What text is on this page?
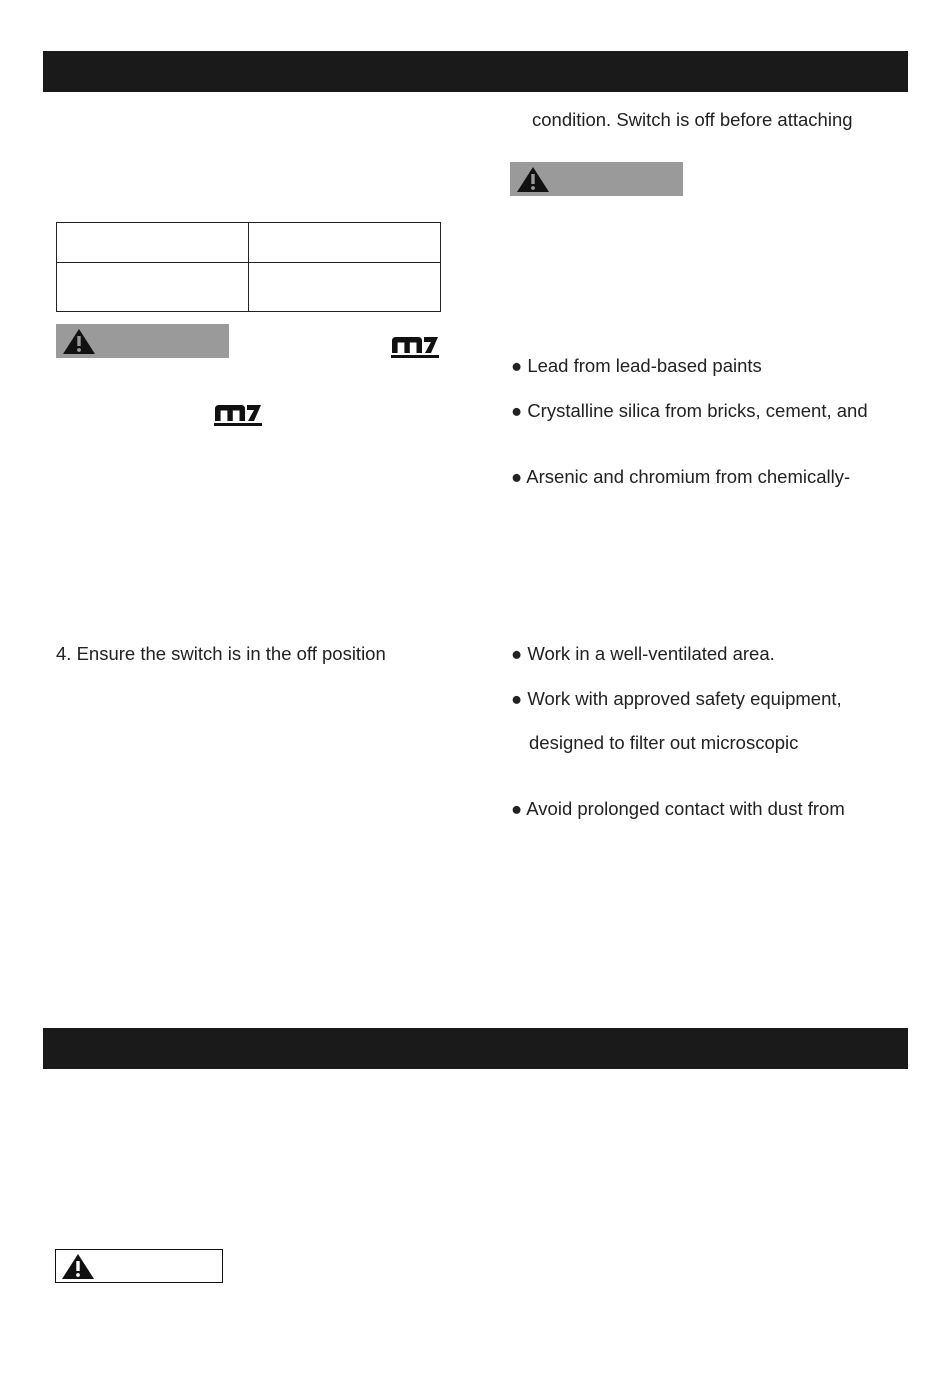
4. Ensure the switch is in the off position
condition. Switch is off before attaching
● Lead from lead-based paints
● Crystalline silica from bricks, cement, and
● Arsenic and chromium from chemically-
● Work in a well-ventilated area.
● Work with approved safety equipment,
designed to filter out microscopic
● Avoid prolonged contact with dust from
